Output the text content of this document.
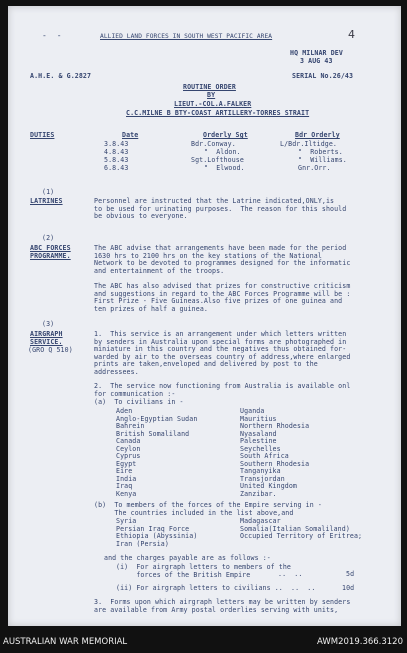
-  -	ALLIED LAND FORCES IN SOUTH WEST PACIFIC AREA	4
HQ MILNAR DEV
3 AUG 43
A.H.E. & G.2827	SERIAL No.26/43
ROUTINE ORDER
BY
LIEUT.-COL.A.FALKER
C.C.MILNE B BTY-COAST ARTILLERY-TORRES STRAIT
DUTIES	Date	Orderly Sgt	Bdr Orderly
3.8.43	Bdr.Conway.	L/Bdr.Iltidge.
4.8.43	"  Aldon.	"  Roberts.
5.8.43	Sgt.Lofthouse	"  Williams.
6.8.43	"  Elwood.	Gnr.Orr.
(1)
LATRINES	Personnel are instructed that the Latrine indicated,ONLY,is
to be used for urinating purposes.  The reason for this should
be obvious to everyone.
(2)
ABC FORCES
PROGRAMME.
The ABC advise that arrangements have been made for the period
1630 hrs to 2100 hrs on the key stations of the National
Network to be devoted to programmes designed for the informatic
and entertainment of the troops.
The ABC has also advised that prizes for constructive criticism
and suggestions in regard to the ABC Forces Programme will be :
First Prize - Five Guineas.Also five prizes of one guinea and
ten prizes of half a guinea.
(3)
AIRGRAPH
SERVICE.
(GRO Q 510)
1.  This service is an arrangement under which letters written
by senders in Australia upon special forms are photographed in
miniature in this country and the negatives thus obtained for-
warded by air to the overseas country of address,where enlarged
prints are taken,enveloped and delivered by post to the
addressees.
2.  The service now functioning from Australia is available onl
for communication :-
(a)  To civilians in -
Aden
Anglo-Egyptian Sudan
Bahrein
British Somaliland
Canada
Ceylon
Cyprus
Egypt
Eire
India
Iraq
Kenya
Uganda
Mauritius
Northern Rhodesia
Nyasaland
Palestine
Seychelles
South Africa
Southern Rhodesia
Tanganyika
Transjordan
United Kingdom
Zanzibar.
(b)  To members of the forces of the Empire serving in -
The countries included in the list above,and
Syria
Persian Iraq Force
Ethiopia (Abyssinia)
Iran (Persia)
Madagascar
Somalia(Italian Somaliland)
Occupied Territory of Eritrea;
and the charges payable are as follows :-
(i)  For airgraph letters to members of the
forces of the British Empire	..  ..	5d
(ii) For airgraph letters to civilians ..  ..  ..	10d
3.  Forms upon which airgraph letters may be written by senders
are available from Army postal orderlies serving with units,
AUSTRALIAN WAR MEMORIAL	AWM2019.366.3120
